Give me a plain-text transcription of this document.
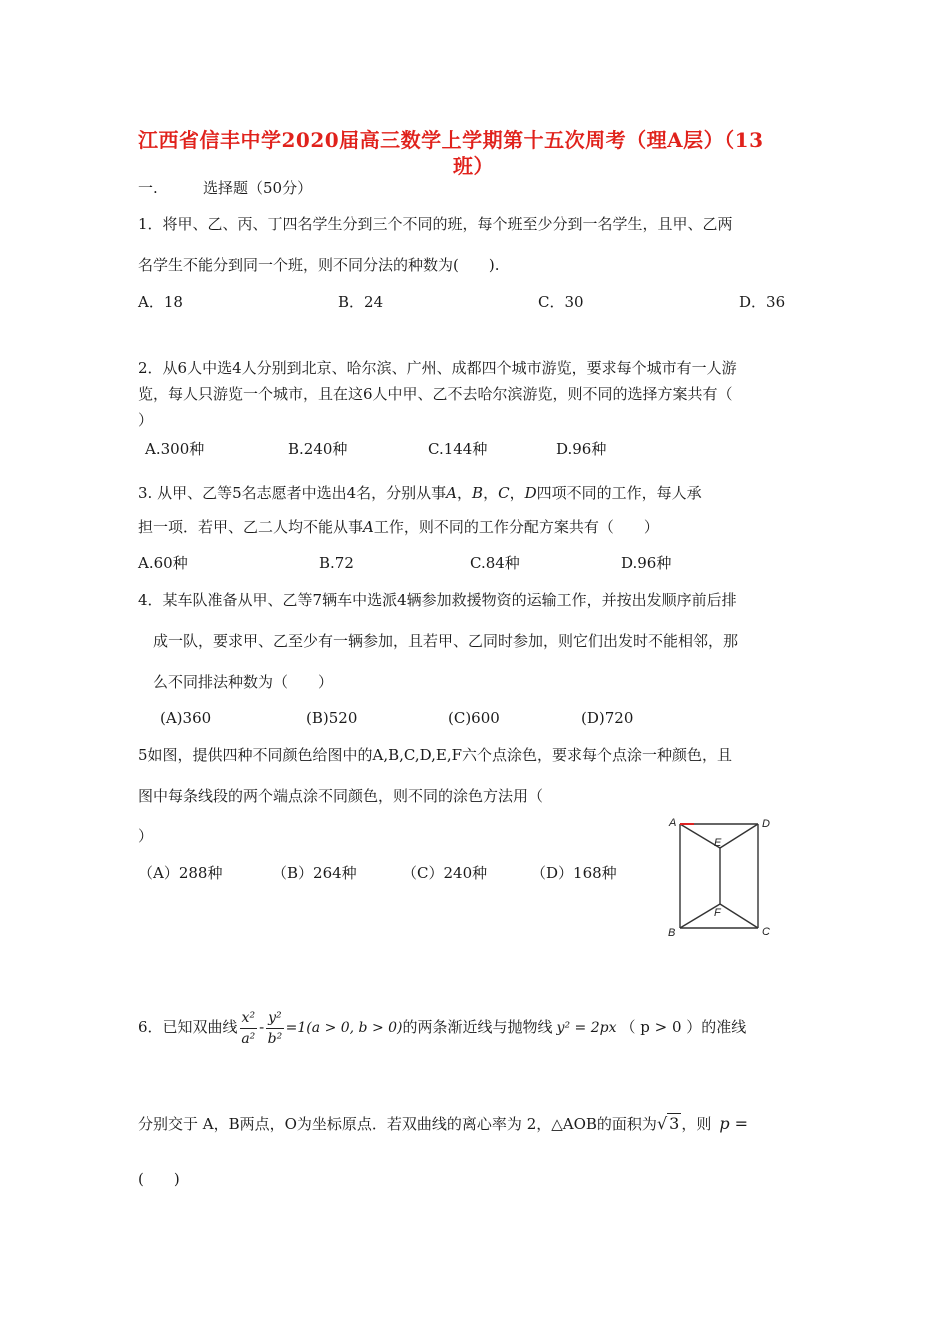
江西省信丰中学2020届高三数学上学期第十五次周考（理A层）（13
班）
一.	选择题（50分）
1．将甲、乙、丙、丁四名学生分到三个不同的班，每个班至少分到一名学生，且甲、乙两
名学生不能分到同一个班，则不同分法的种数为(　　).
A．18	B．24	C．30	D．36
2．从6人中选4人分别到北京、哈尔滨、广州、成都四个城市游览，要求每个城市有一人游
览，每人只游览一个城市，且在这6人中甲、乙不去哈尔滨游览，则不同的选择方案共有（
）
A.300种	B.240种	C.144种	D.96种
3. 从甲、乙等5名志愿者中选出4名，分别从事A，B，C，D四项不同的工作，每人承
担一项．若甲、乙二人均不能从事A工作，则不同的工作分配方案共有（　　）
A.60种	B.72	C.84种	D.96种
4．某车队准备从甲、乙等7辆车中选派4辆参加救援物资的运输工作，并按出发顺序前后排
成一队，要求甲、乙至少有一辆参加，且若甲、乙同时参加，则它们出发时不能相邻，那
么不同排法种数为（　　）
(A)360	(B)520	(C)600	(D)720
5如图，提供四种不同颜色给图中的A,B,C,D,E,F六个点涂色，要求每个点涂一种颜色，且
图中每条线段的两个端点涂不同颜色，则不同的涂色方法用（
）
（A）288种	（B）264种	（C）240种	（D）168种
A	D
E
F
B	C
6．已知双曲线 $\frac{\text{x²}}{\text{a²}} - \frac{\text{y²}}{\text{b²}} =1(a > 0$, b > 0)的两条渐近线与抛物线 y² = 2px （ p > 0 ）的准线
分别交于 A，B两点，O为坐标原点．若双曲线的离心率为 2，△AOB的面积为√ 3 ，则 p =
(　　)
